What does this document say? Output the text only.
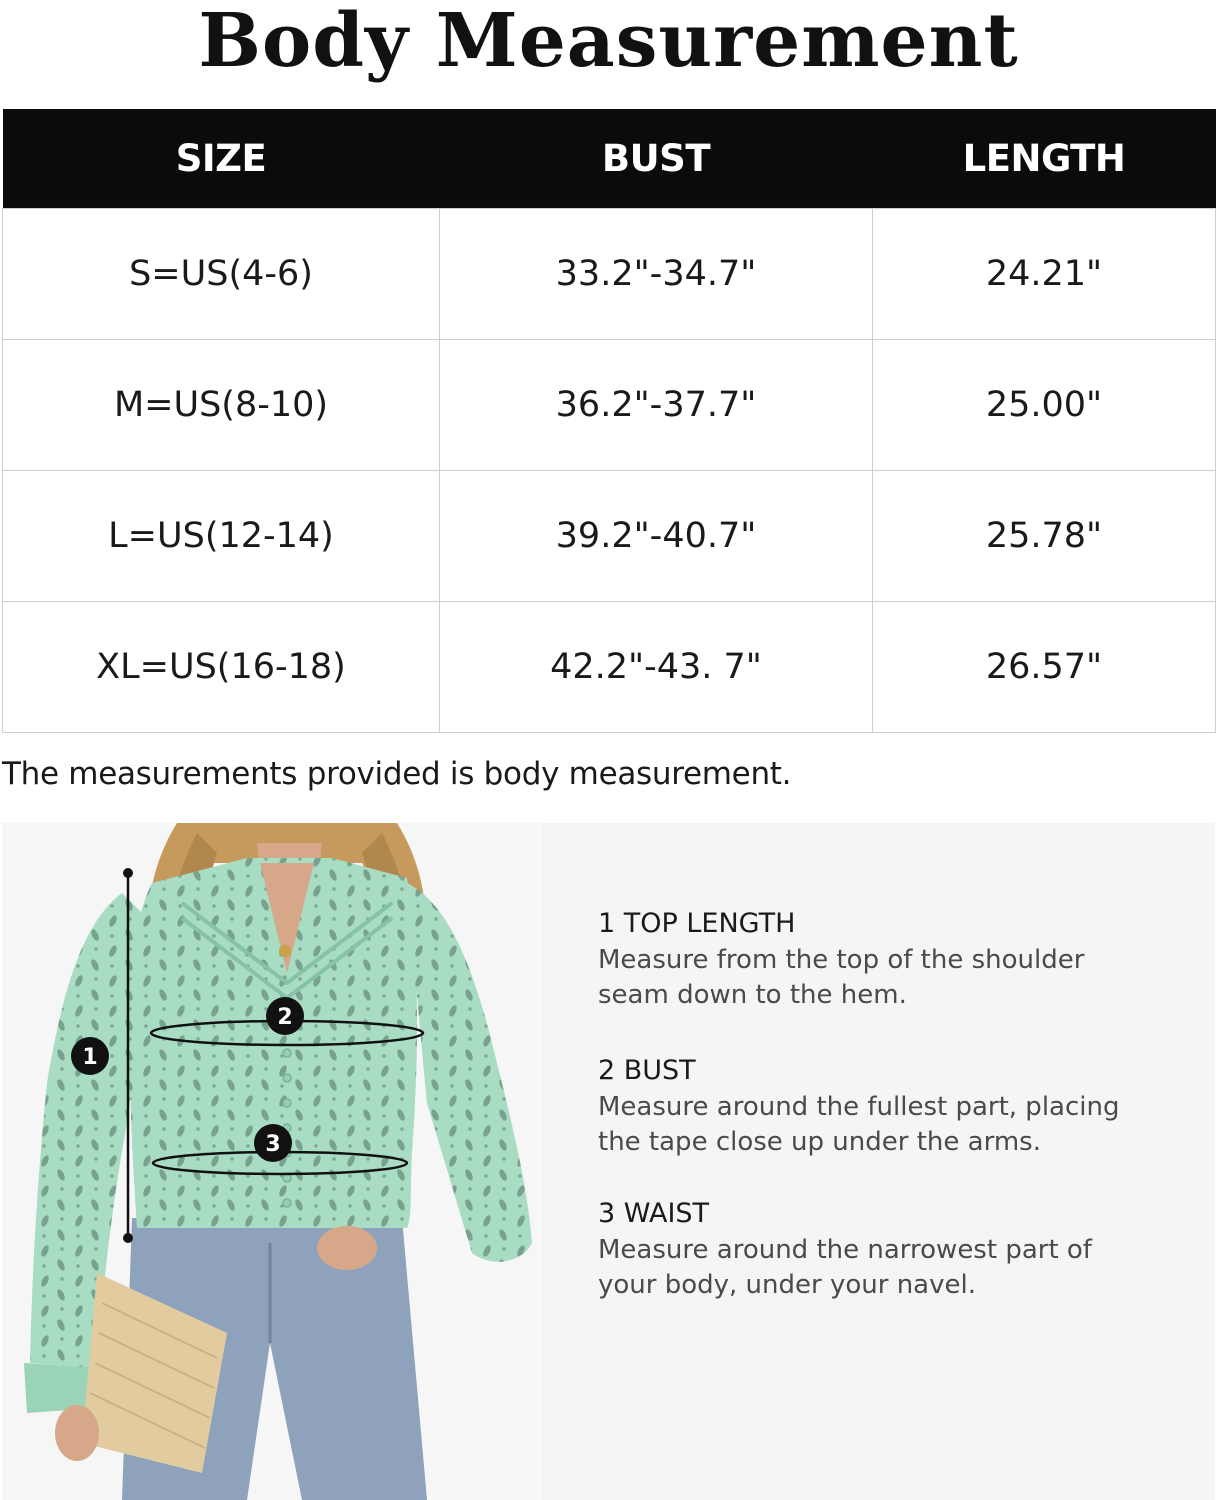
Body Measurement
SIZE	BUST	LENGTH
S=US(4-6)	33.2"-34.7"	24.21"
M=US(8-10)	36.2"-37.7"	25.00"
L=US(12-14)	39.2"-40.7"	25.78"
XL=US(16-18)	42.2"-43. 7"	26.57"
The measurements provided is body measurement.
1
2
3
1 TOP LENGTH
Measure from the top of the shoulder
seam down to the hem.
2 BUST
Measure around the fullest part, placing
the tape close up under the arms.
3 WAIST
Measure around the narrowest part of
your body, under your navel.
